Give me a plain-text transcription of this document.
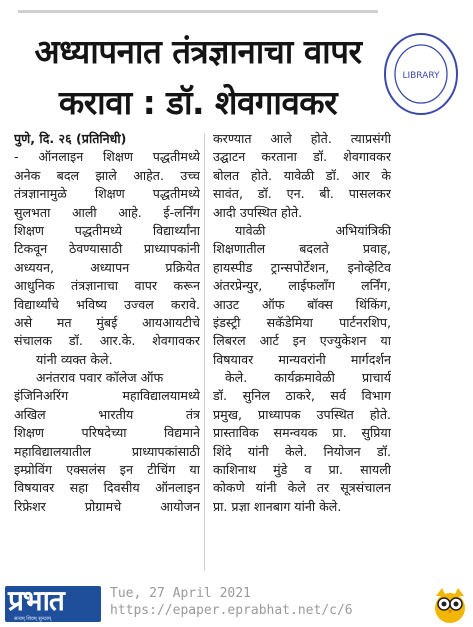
अध्यापनात तंत्रज्ञानाचा वापर
करावा : डॉ. शेवगावकर
LIBRARY
पुणे, दि. २६ (प्रतिनिधी)
- ऑनलाइन शिक्षण पद्धतीमध्ये
अनेक बदल झाले आहेत. उच्च
तंत्रज्ञानामुळे शिक्षण पद्धतीमध्ये
सुलभता आली आहे. ई-लर्निंग
शिक्षण पद्धतीमध्ये विद्यार्थ्यांना
टिकवून ठेवण्यासाठी प्राध्यापकांनी
अध्ययन, अध्यापन प्रक्रियेत
आधुनिक तंत्रज्ञानाचा वापर करून
विद्यार्थ्यांचे भविष्य उज्वल करावे.
असे मत मुंबई आयआयटीचे
संचालक डॉ. आर.के. शेवगावकर
यांनी व्यक्त केले.
अनंतराव पवार कॉलेज ऑफ
इंजिनिअरिंग महाविद्यालयामध्ये
अखिल भारतीय तंत्र
शिक्षण परिषदेच्या विद्यमाने
महाविद्यालयातील प्राध्यापकांसाठी
इम्प्रोविंग एक्सलंस इन टीचिंग या
विषयावर सहा दिवसीय ऑनलाइन
रिफ्रेशर प्रोग्रामचे आयोजन
करण्यात आले होते. त्याप्रसंगी
उद्घाटन करताना डॉ. शेवगावकर
बोलत होते. यावेळी डॉ. आर के
सावंत, डॉ. एन. बी. पासलकर
आदी उपस्थित होते.
यावेळी अभियांत्रिकी
शिक्षणातील बदलते प्रवाह,
हायस्पीड ट्रान्सपोर्टेशन, इनोव्हेटिव
अंतरप्रेन्युर, लाईफलाँग लर्निंग,
आउट ऑफ बॉक्स थिंकिंग,
इंडस्ट्री सकॅडेमिया पार्टनरशिप,
लिबरल आर्ट इन एज्युकेशन या
विषयावर मान्यवरांनी मार्गदर्शन
केले. कार्यक्रमावेळी प्राचार्य
डॉ. सुनिल ठाकरे, सर्व विभाग
प्रमुख, प्राध्यापक उपस्थित होते.
प्रास्ताविक समन्वयक प्रा. सुप्रिया
शिंदे यांनी केले. नियोजन डॉ.
काशिनाथ मुंडे व प्रा. सायली
कोकणे यांनी केले तर सूत्रसंचालन
प्रा. प्रज्ञा शानबाग यांनी केले.
प्रभात
सत्यम् शिवम् सुन्दरम्
Tue, 27 April 2021
https://epaper.eprabhat.net/c/6
